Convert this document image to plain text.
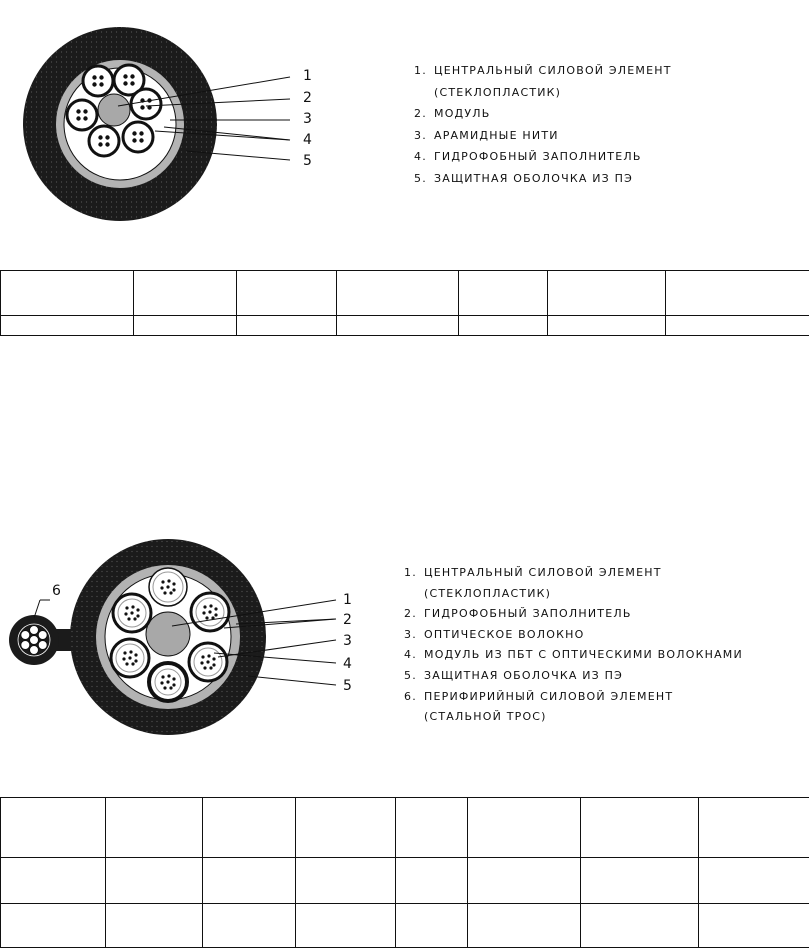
1
2
3
4
5
1. ЦЕНТРАЛЬНЫЙ СИЛОВОЙ ЭЛЕМЕНТ
(СТЕКЛОПЛАСТИК)
2. МОДУЛЬ
3. АРАМИДНЫЕ НИТИ
4. ГИДРОФОБНЫЙ ЗАПОЛНИТЕЛЬ
5. ЗАЩИТНАЯ ОБОЛОЧКА ИЗ ПЭ

6
1
2
3
4
5
1. ЦЕНТРАЛЬНЫЙ СИЛОВОЙ ЭЛЕМЕНТ
(СТЕКЛОПЛАСТИК)
2. ГИДРОФОБНЫЙ ЗАПОЛНИТЕЛЬ
3. ОПТИЧЕСКОЕ ВОЛОКНО
4. МОДУЛЬ ИЗ ПБТ С ОПТИЧЕСКИМИ ВОЛОКНАМИ
5. ЗАЩИТНАЯ ОБОЛОЧКА ИЗ ПЭ
6. ПЕРИФИРИЙНЫЙ СИЛОВОЙ ЭЛЕМЕНТ
(СТАЛЬНОЙ ТРОС)
